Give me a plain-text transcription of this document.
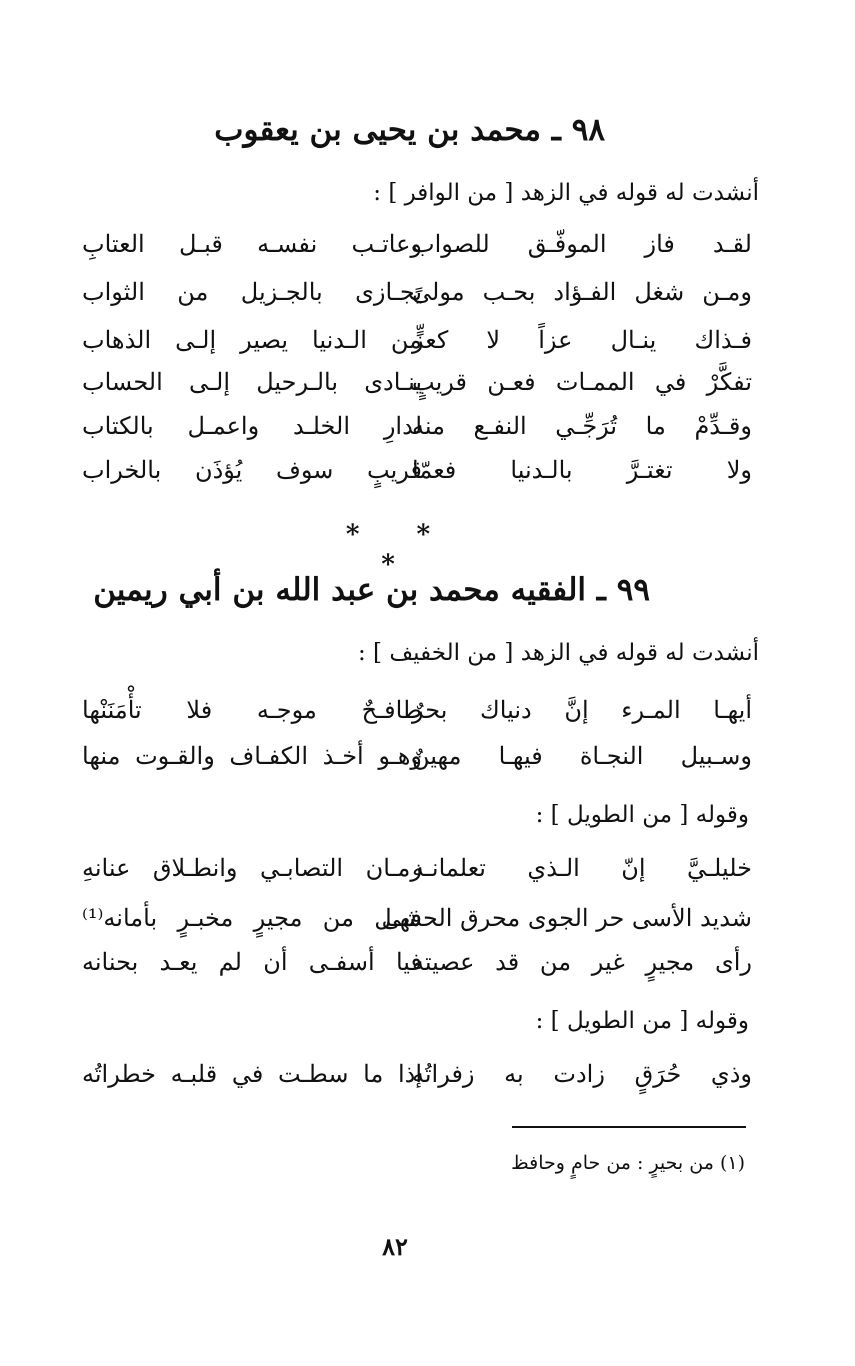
٩٨ ـ محمد بن يحيى بن يعقوب
أنشدت له قوله في الزهد [ من الوافر ] :
لقـد فاز الموفّـق للصواب
وعاتـب نفسـه قبـل العتابِ
ومـن شغل الفـؤاد بحـب مولىً
يجـازى بالجـزيل من الثواب
فـذاك ينـال عزاً لا كعزٍّ
من الـدنيا يصير إلـى الذهاب
تفكَّرْ في الممـات فعـن قريبٍ
ينـادى بالـرحيل إلـى الحساب
وقـدِّمْ ما تُرَجِّـي النفـع منه
لدارِ الخلـد واعمـل بالكتاب
ولا تغتـرَّ بالـدنيا فعمّا
قريبٍ سوف يُؤذَن بالخراب
* * *
٩٩ ـ الفقيه محمد بن عبد الله بن أبي ريمين
أنشدت له قوله في الزهد [ من الخفيف ] :
أيهـا المـرء إنَّ دنياك بحرٌ
طافـحٌ موجـه فلا تأْمَنَنْها
وسـبيل النجـاة فيهـا مهينٌ
وهـو أخـذ الكفـاف والقـوت منها
وقوله [ من الطويل ] :
خليلـيَّ إنّ الـذي تعلمانـه
زمـان التصابـي وانطـلاق عنانهِ
شديد الأسى حر الجوى محرق الحشى
فهـل من مجيرٍ مخبـرٍ بأمانه⁽¹⁾
رأى مجيرٍ غير من قد عصيته
فيا أسفـى أن لم يعـد بحنانه
وقوله [ من الطويل ] :
وذي حُرَقٍ زادت به زفراتُه
إذا ما سطـت في قلبـه خطراتُه
(١) من بحيرٍ : من حامٍ وحافظ
٨٢
